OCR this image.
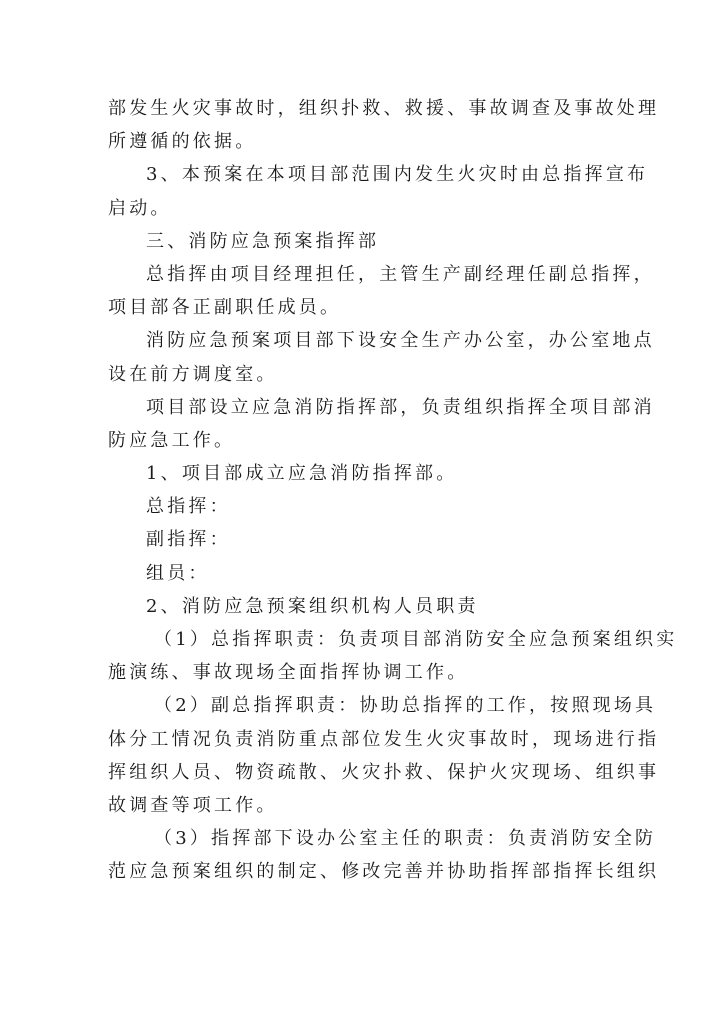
部发生火灾事故时，组织扑救、救援、事故调查及事故处理
所遵循的依据。
3、本预案在本项目部范围内发生火灾时由总指挥宣布
启动。
三、消防应急预案指挥部
总指挥由项目经理担任，主管生产副经理任副总指挥，
项目部各正副职任成员。
消防应急预案项目部下设安全生产办公室，办公室地点
设在前方调度室。
项目部设立应急消防指挥部，负责组织指挥全项目部消
防应急工作。
1、项目部成立应急消防指挥部。
总指挥：
副指挥：
组员：
2、消防应急预案组织机构人员职责
（1）总指挥职责：负责项目部消防安全应急预案组织实
施演练、事故现场全面指挥协调工作。
（2）副总指挥职责：协助总指挥的工作，按照现场具
体分工情况负责消防重点部位发生火灾事故时，现场进行指
挥组织人员、物资疏散、火灾扑救、保护火灾现场、组织事
故调查等项工作。
（3）指挥部下设办公室主任的职责：负责消防安全防
范应急预案组织的制定、修改完善并协助指挥部指挥长组织
